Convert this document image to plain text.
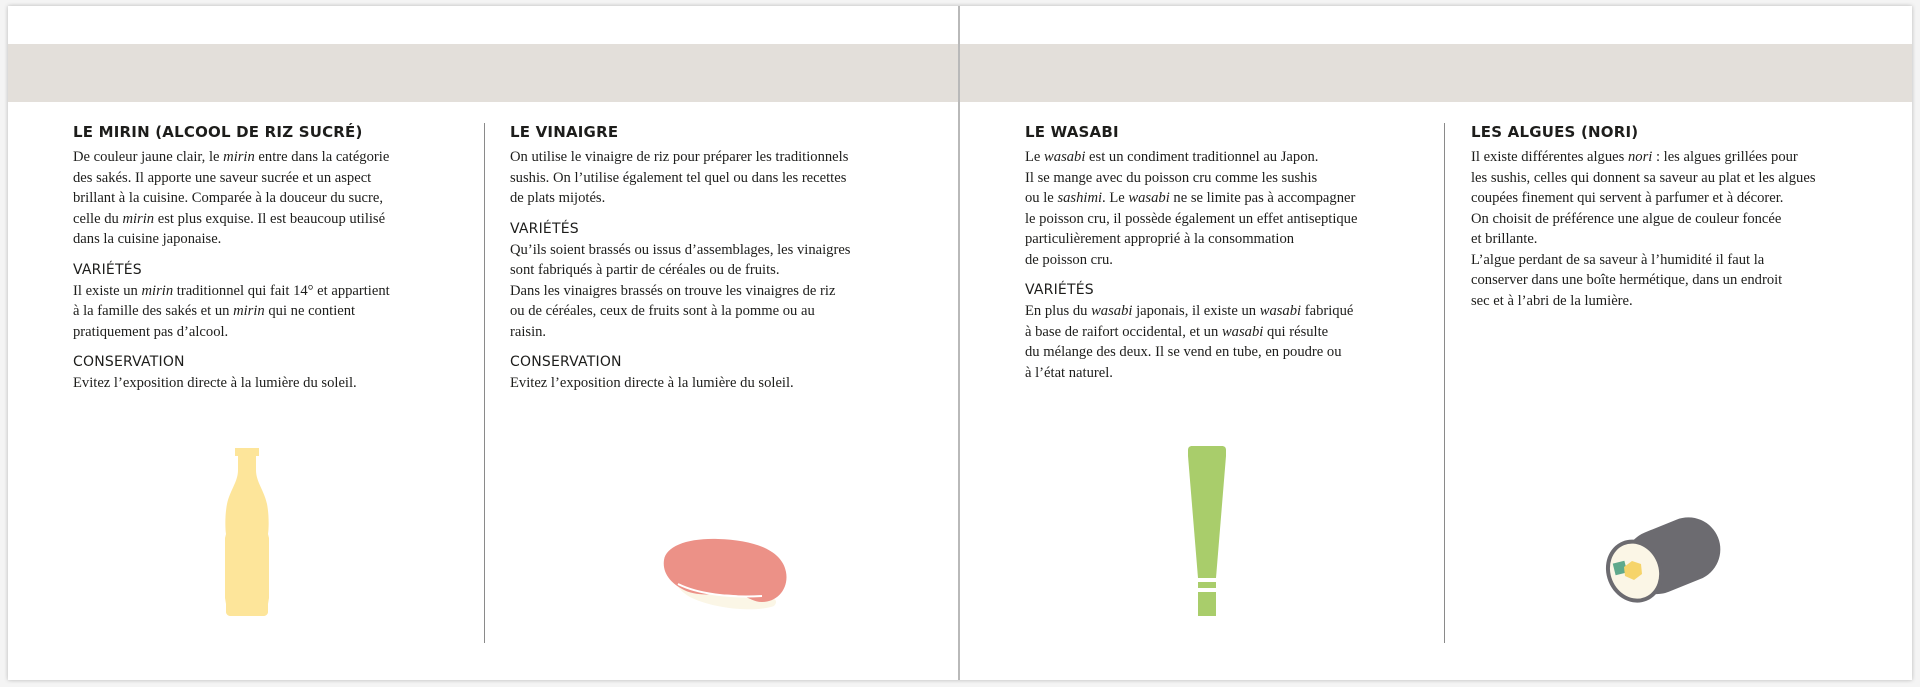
LE MIRIN (ALCOOL DE RIZ SUCRÉ)
De couleur jaune clair, le mirin entre dans la catégorie
des sakés. Il apporte une saveur sucrée et un aspect
brillant à la cuisine. Comparée à la douceur du sucre,
celle du mirin est plus exquise. Il est beaucoup utilisé
dans la cuisine japonaise.
VARIÉTÉS
Il existe un mirin traditionnel qui fait 14° et appartient
à la famille des sakés et un mirin qui ne contient
pratiquement pas d’alcool.
CONSERVATION
Evitez l’exposition directe à la lumière du soleil.
LE VINAIGRE
On utilise le vinaigre de riz pour préparer les traditionnels
sushis. On l’utilise également tel quel ou dans les recettes
de plats mijotés.
VARIÉTÉS
Qu’ils soient brassés ou issus d’assemblages, les vinaigres
sont fabriqués à partir de céréales ou de fruits.
Dans les vinaigres brassés on trouve les vinaigres de riz
ou de céréales, ceux de fruits sont à la pomme ou au
raisin.
CONSERVATION
Evitez l’exposition directe à la lumière du soleil.
LE WASABI
Le wasabi est un condiment traditionnel au Japon.
Il se mange avec du poisson cru comme les sushis
ou le sashimi. Le wasabi ne se limite pas à accompagner
le poisson cru, il possède également un effet antiseptique
particulièrement approprié à la consommation
de poisson cru.
VARIÉTÉS
En plus du wasabi japonais, il existe un wasabi fabriqué
à base de raifort occidental, et un wasabi qui résulte
du mélange des deux. Il se vend en tube, en poudre ou
à l’état naturel.
LES ALGUES (NORI)
Il existe différentes algues nori : les algues grillées pour
les sushis, celles qui donnent sa saveur au plat et les algues
coupées finement qui servent à parfumer et à décorer.
On choisit de préférence une algue de couleur foncée
et brillante.
L’algue perdant de sa saveur à l’humidité il faut la
conserver dans une boîte hermétique, dans un endroit
sec et à l’abri de la lumière.
